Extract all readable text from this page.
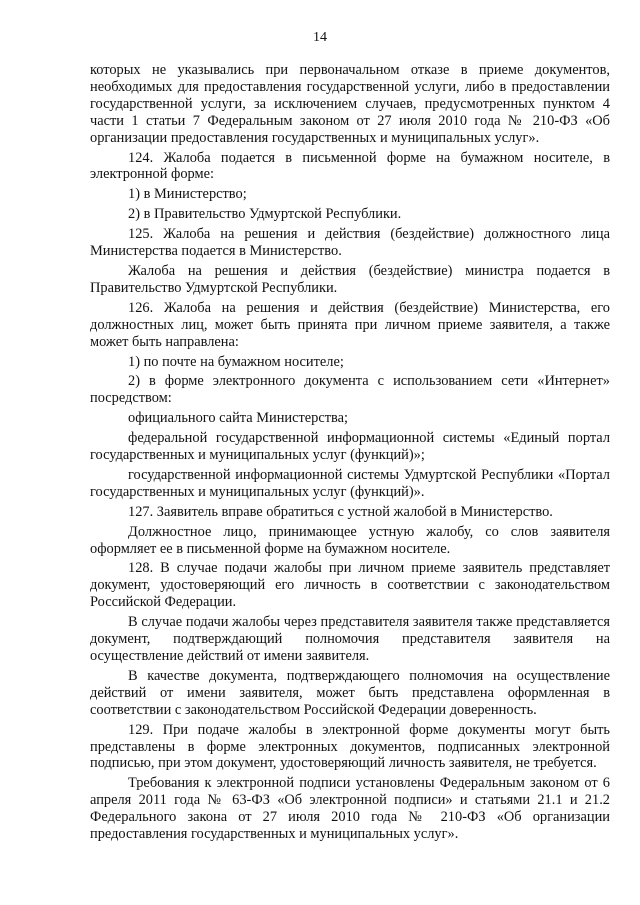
14

которых не указывались при первоначальном отказе в приеме документов, необходимых для предоставления государственной услуги, либо в предоставлении государственной услуги, за исключением случаев, предусмотренных пунктом 4 части 1 статьи 7 Федеральным законом от 27 июля 2010 года № 210-ФЗ «Об организации предоставления государственных и муниципальных услуг».

124. Жалоба подается в письменной форме на бумажном носителе, в электронной форме:

1) в Министерство;

2) в Правительство Удмуртской Республики.

125. Жалоба на решения и действия (бездействие) должностного лица Министерства подается в Министерство.

Жалоба на решения и действия (бездействие) министра подается в Правительство Удмуртской Республики.

126. Жалоба на решения и действия (бездействие) Министерства, его должностных лиц, может быть принята при личном приеме заявителя, а также может быть направлена:

1) по почте на бумажном носителе;

2) в форме электронного документа с использованием сети «Интернет» посредством:

официального сайта Министерства;

федеральной государственной информационной системы «Единый портал государственных и муниципальных услуг (функций)»;

государственной информационной системы Удмуртской Республики «Портал государственных и муниципальных услуг (функций)».

127. Заявитель вправе обратиться с устной жалобой в Министерство.

Должностное лицо, принимающее устную жалобу, со слов заявителя оформляет ее в письменной форме на бумажном носителе.

128. В случае подачи жалобы при личном приеме заявитель представляет документ, удостоверяющий его личность в соответствии с законодательством Российской Федерации.

В случае подачи жалобы через представителя заявителя также представляется документ, подтверждающий полномочия представителя заявителя на осуществление действий от имени заявителя.

В качестве документа, подтверждающего полномочия на осуществление действий от имени заявителя, может быть представлена оформленная в соответствии с законодательством Российской Федерации доверенность.

129. При подаче жалобы в электронной форме документы могут быть представлены в форме электронных документов, подписанных электронной подписью, при этом документ, удостоверяющий личность заявителя, не требуется.

Требования к электронной подписи установлены Федеральным законом от 6 апреля 2011 года № 63-ФЗ «Об электронной подписи» и статьями 21.1 и 21.2 Федерального закона от 27 июля 2010 года № 210-ФЗ «Об организации предоставления государственных и муниципальных услуг».
